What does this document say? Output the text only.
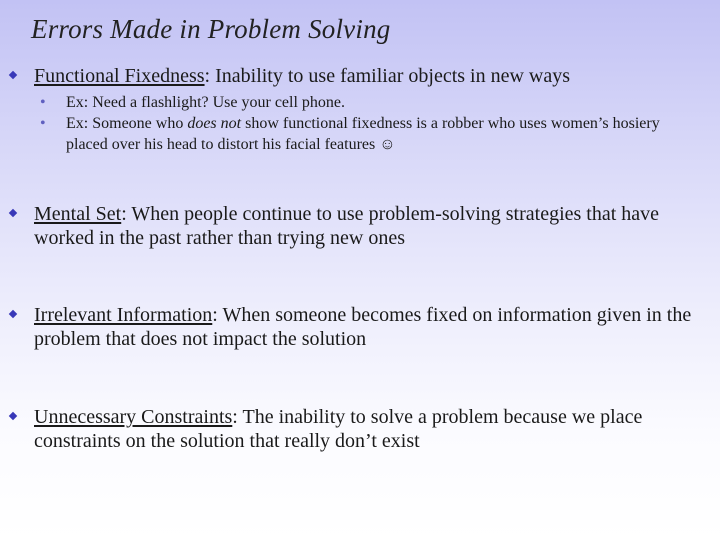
Errors Made in Problem Solving
Functional Fixedness: Inability to use familiar objects in new ways
• Ex: Need a flashlight? Use your cell phone.
• Ex: Someone who does not show functional fixedness is a robber who uses women’s hosiery placed over his head to distort his facial features ☺
Mental Set: When people continue to use problem-solving strategies that have worked in the past rather than trying new ones
Irrelevant Information: When someone becomes fixed on information given in the problem that does not impact the solution
Unnecessary Constraints: The inability to solve a problem because we place constraints on the solution that really don’t exist
